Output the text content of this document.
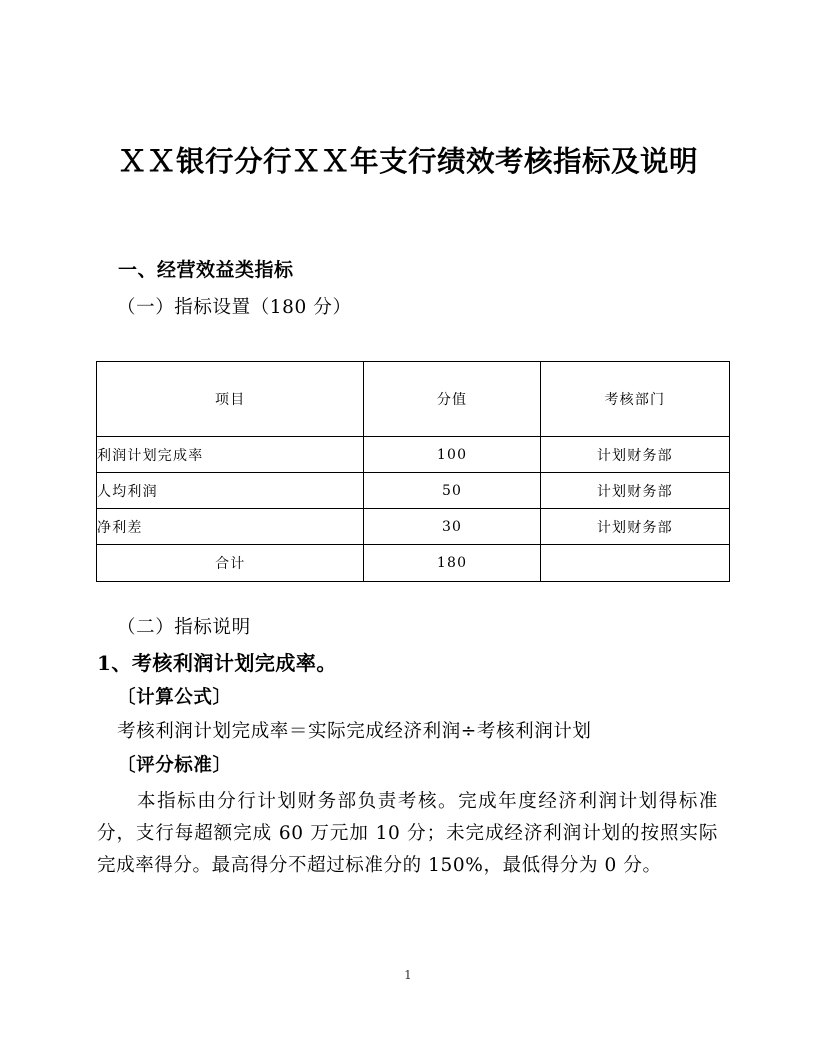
ＸＸ银行分行ＸＸ年支行绩效考核指标及说明
一、经营效益类指标
（一）指标设置（180 分）
项目	分值	考核部门
利润计划完成率	100	计划财务部
人均利润	50	计划财务部
净利差	30	计划财务部
合计	180	
（二）指标说明
1、考核利润计划完成率。
〔计算公式〕
考核利润计划完成率＝实际完成经济利润÷考核利润计划
〔评分标准〕
本指标由分行计划财务部负责考核。完成年度经济利润计划得标准分，支行每超额完成 60 万元加 10 分；未完成经济利润计划的按照实际完成率得分。最高得分不超过标准分的 150%，最低得分为 0 分。
1
